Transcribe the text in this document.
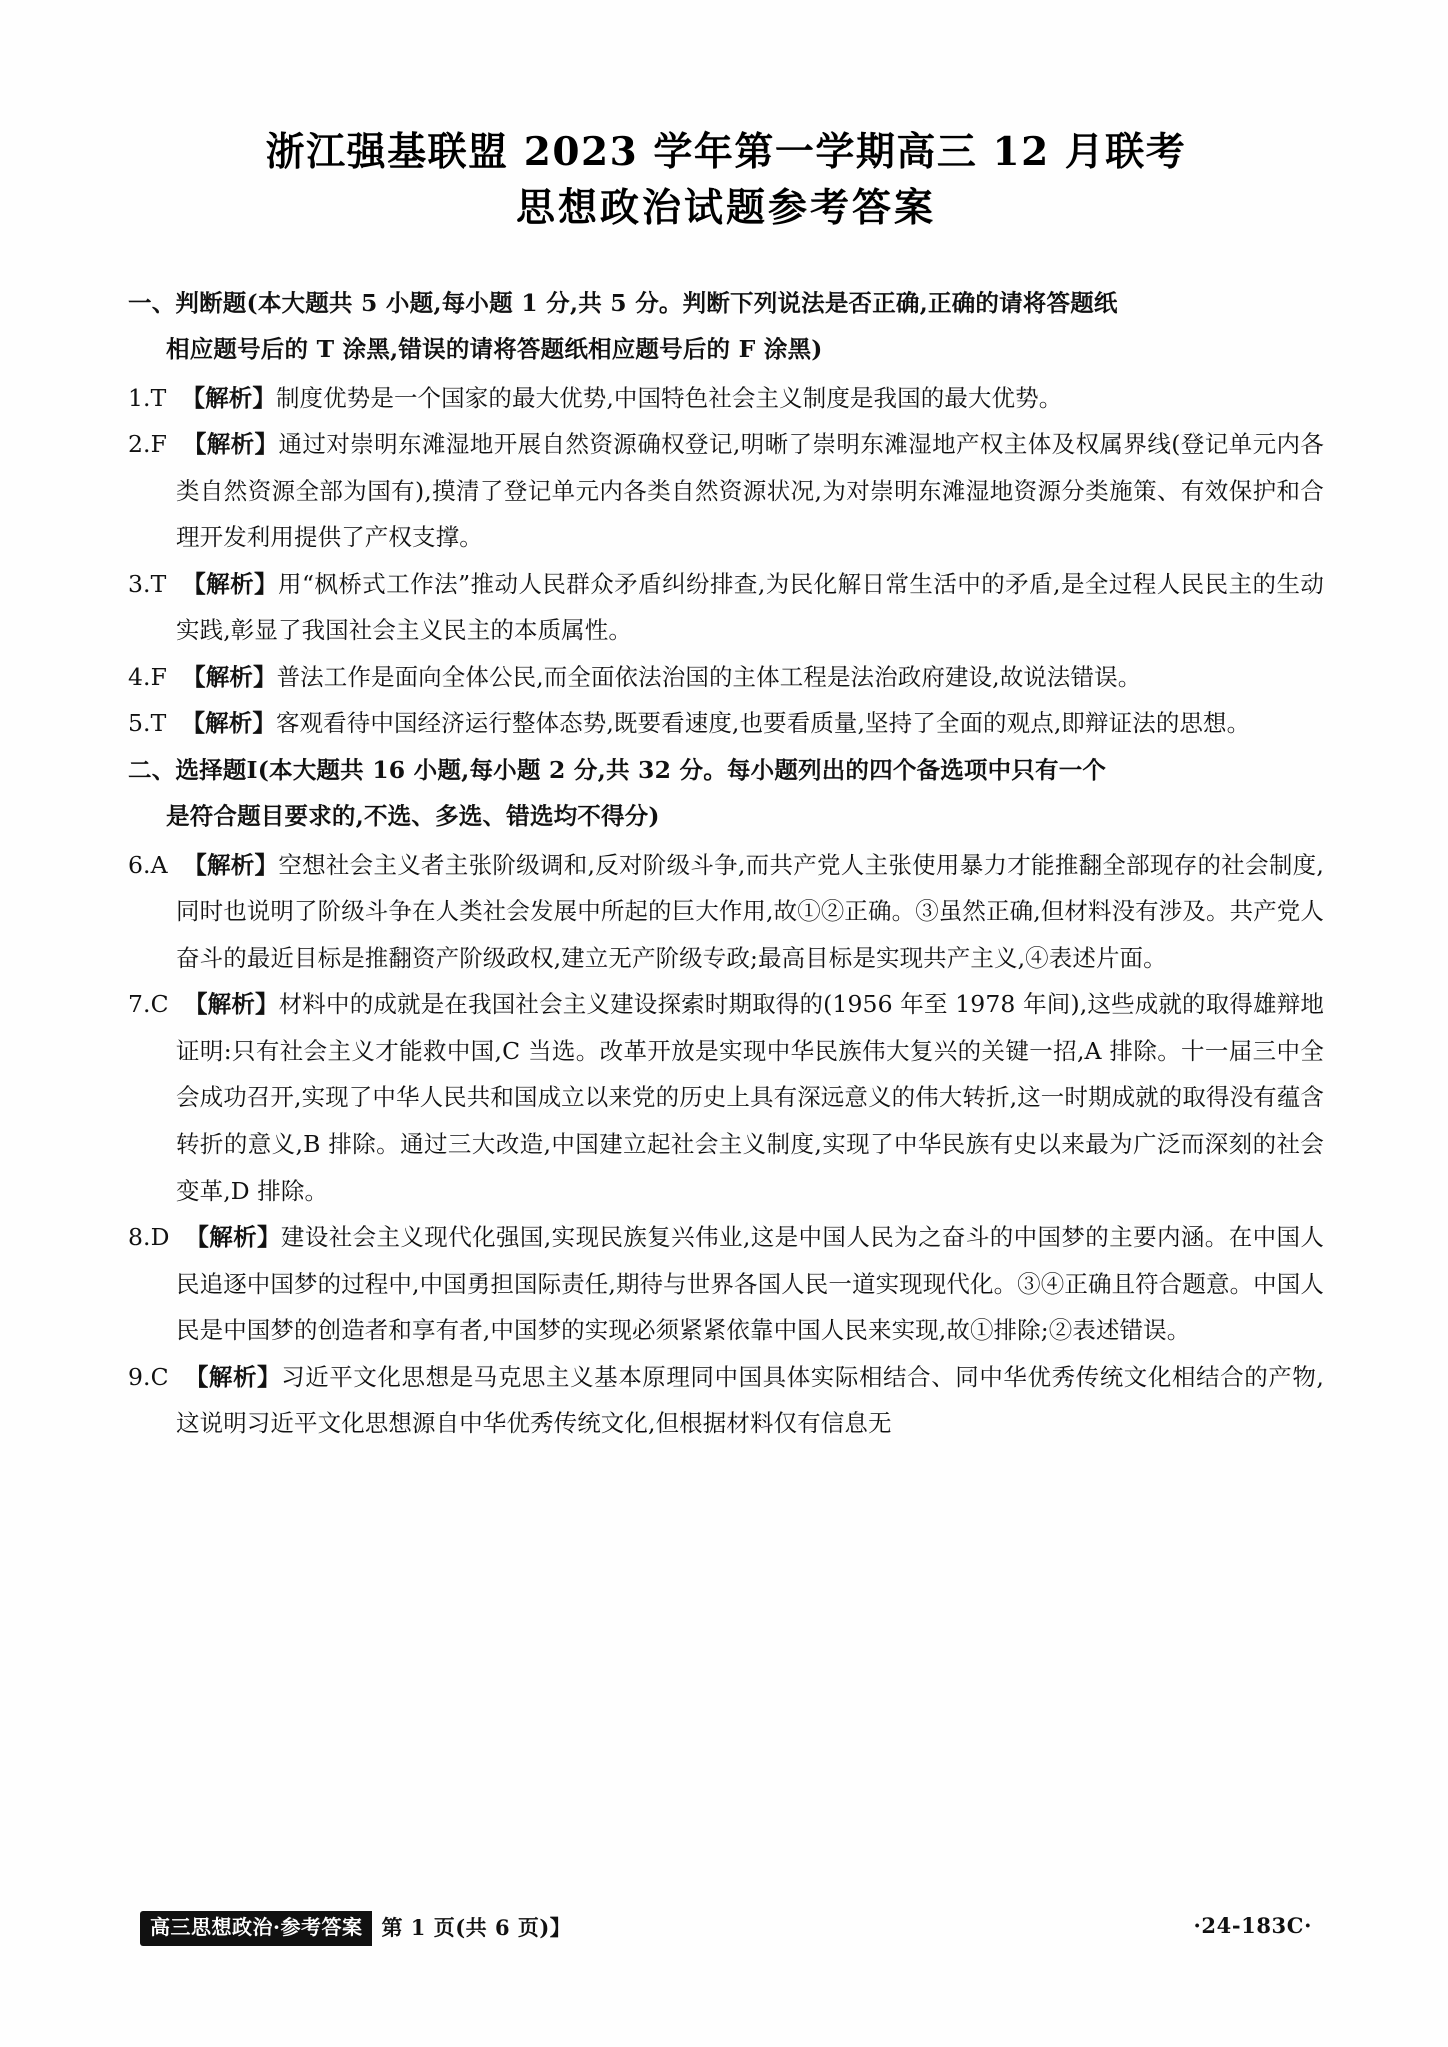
浙江强基联盟 2023 学年第一学期高三 12 月联考
思想政治试题参考答案
一、判断题(本大题共 5 小题,每小题 1 分,共 5 分。判断下列说法是否正确,正确的请将答题纸
相应题号后的 T 涂黑,错误的请将答题纸相应题号后的 F 涂黑)

1.T 【解析】制度优势是一个国家的最大优势,中国特色社会主义制度是我国的最大优势。

2.F 【解析】通过对崇明东滩湿地开展自然资源确权登记,明晰了崇明东滩湿地产权主体及权属界线(登记单元内各类自然资源全部为国有),摸清了登记单元内各类自然资源状况,为对崇明东滩湿地资源分类施策、有效保护和合理开发利用提供了产权支撑。

3.T 【解析】用“枫桥式工作法”推动人民群众矛盾纠纷排查,为民化解日常生活中的矛盾,是全过程人民民主的生动实践,彰显了我国社会主义民主的本质属性。

4.F 【解析】普法工作是面向全体公民,而全面依法治国的主体工程是法治政府建设,故说法错误。

5.T 【解析】客观看待中国经济运行整体态势,既要看速度,也要看质量,坚持了全面的观点,即辩证法的思想。

二、选择题Ⅰ(本大题共 16 小题,每小题 2 分,共 32 分。每小题列出的四个备选项中只有一个
是符合题目要求的,不选、多选、错选均不得分)

6.A 【解析】空想社会主义者主张阶级调和,反对阶级斗争,而共产党人主张使用暴力才能推翻全部现存的社会制度,同时也说明了阶级斗争在人类社会发展中所起的巨大作用,故①②正确。③虽然正确,但材料没有涉及。共产党人奋斗的最近目标是推翻资产阶级政权,建立无产阶级专政;最高目标是实现共产主义,④表述片面。

7.C 【解析】材料中的成就是在我国社会主义建设探索时期取得的(1956 年至 1978 年间),这些成就的取得雄辩地证明:只有社会主义才能救中国,C 当选。改革开放是实现中华民族伟大复兴的关键一招,A 排除。十一届三中全会成功召开,实现了中华人民共和国成立以来党的历史上具有深远意义的伟大转折,这一时期成就的取得没有蕴含转折的意义,B 排除。通过三大改造,中国建立起社会主义制度,实现了中华民族有史以来最为广泛而深刻的社会变革,D 排除。

8.D 【解析】建设社会主义现代化强国,实现民族复兴伟业,这是中国人民为之奋斗的中国梦的主要内涵。在中国人民追逐中国梦的过程中,中国勇担国际责任,期待与世界各国人民一道实现现代化。③④正确且符合题意。中国人民是中国梦的创造者和享有者,中国梦的实现必须紧紧依靠中国人民来实现,故①排除;②表述错误。

9.C 【解析】习近平文化思想是马克思主义基本原理同中国具体实际相结合、同中华优秀传统文化相结合的产物,这说明习近平文化思想源自中华优秀传统文化,但根据材料仅有信息无

高三思想政治·参考答案 第 1 页(共 6 页)】	·24-183C·
